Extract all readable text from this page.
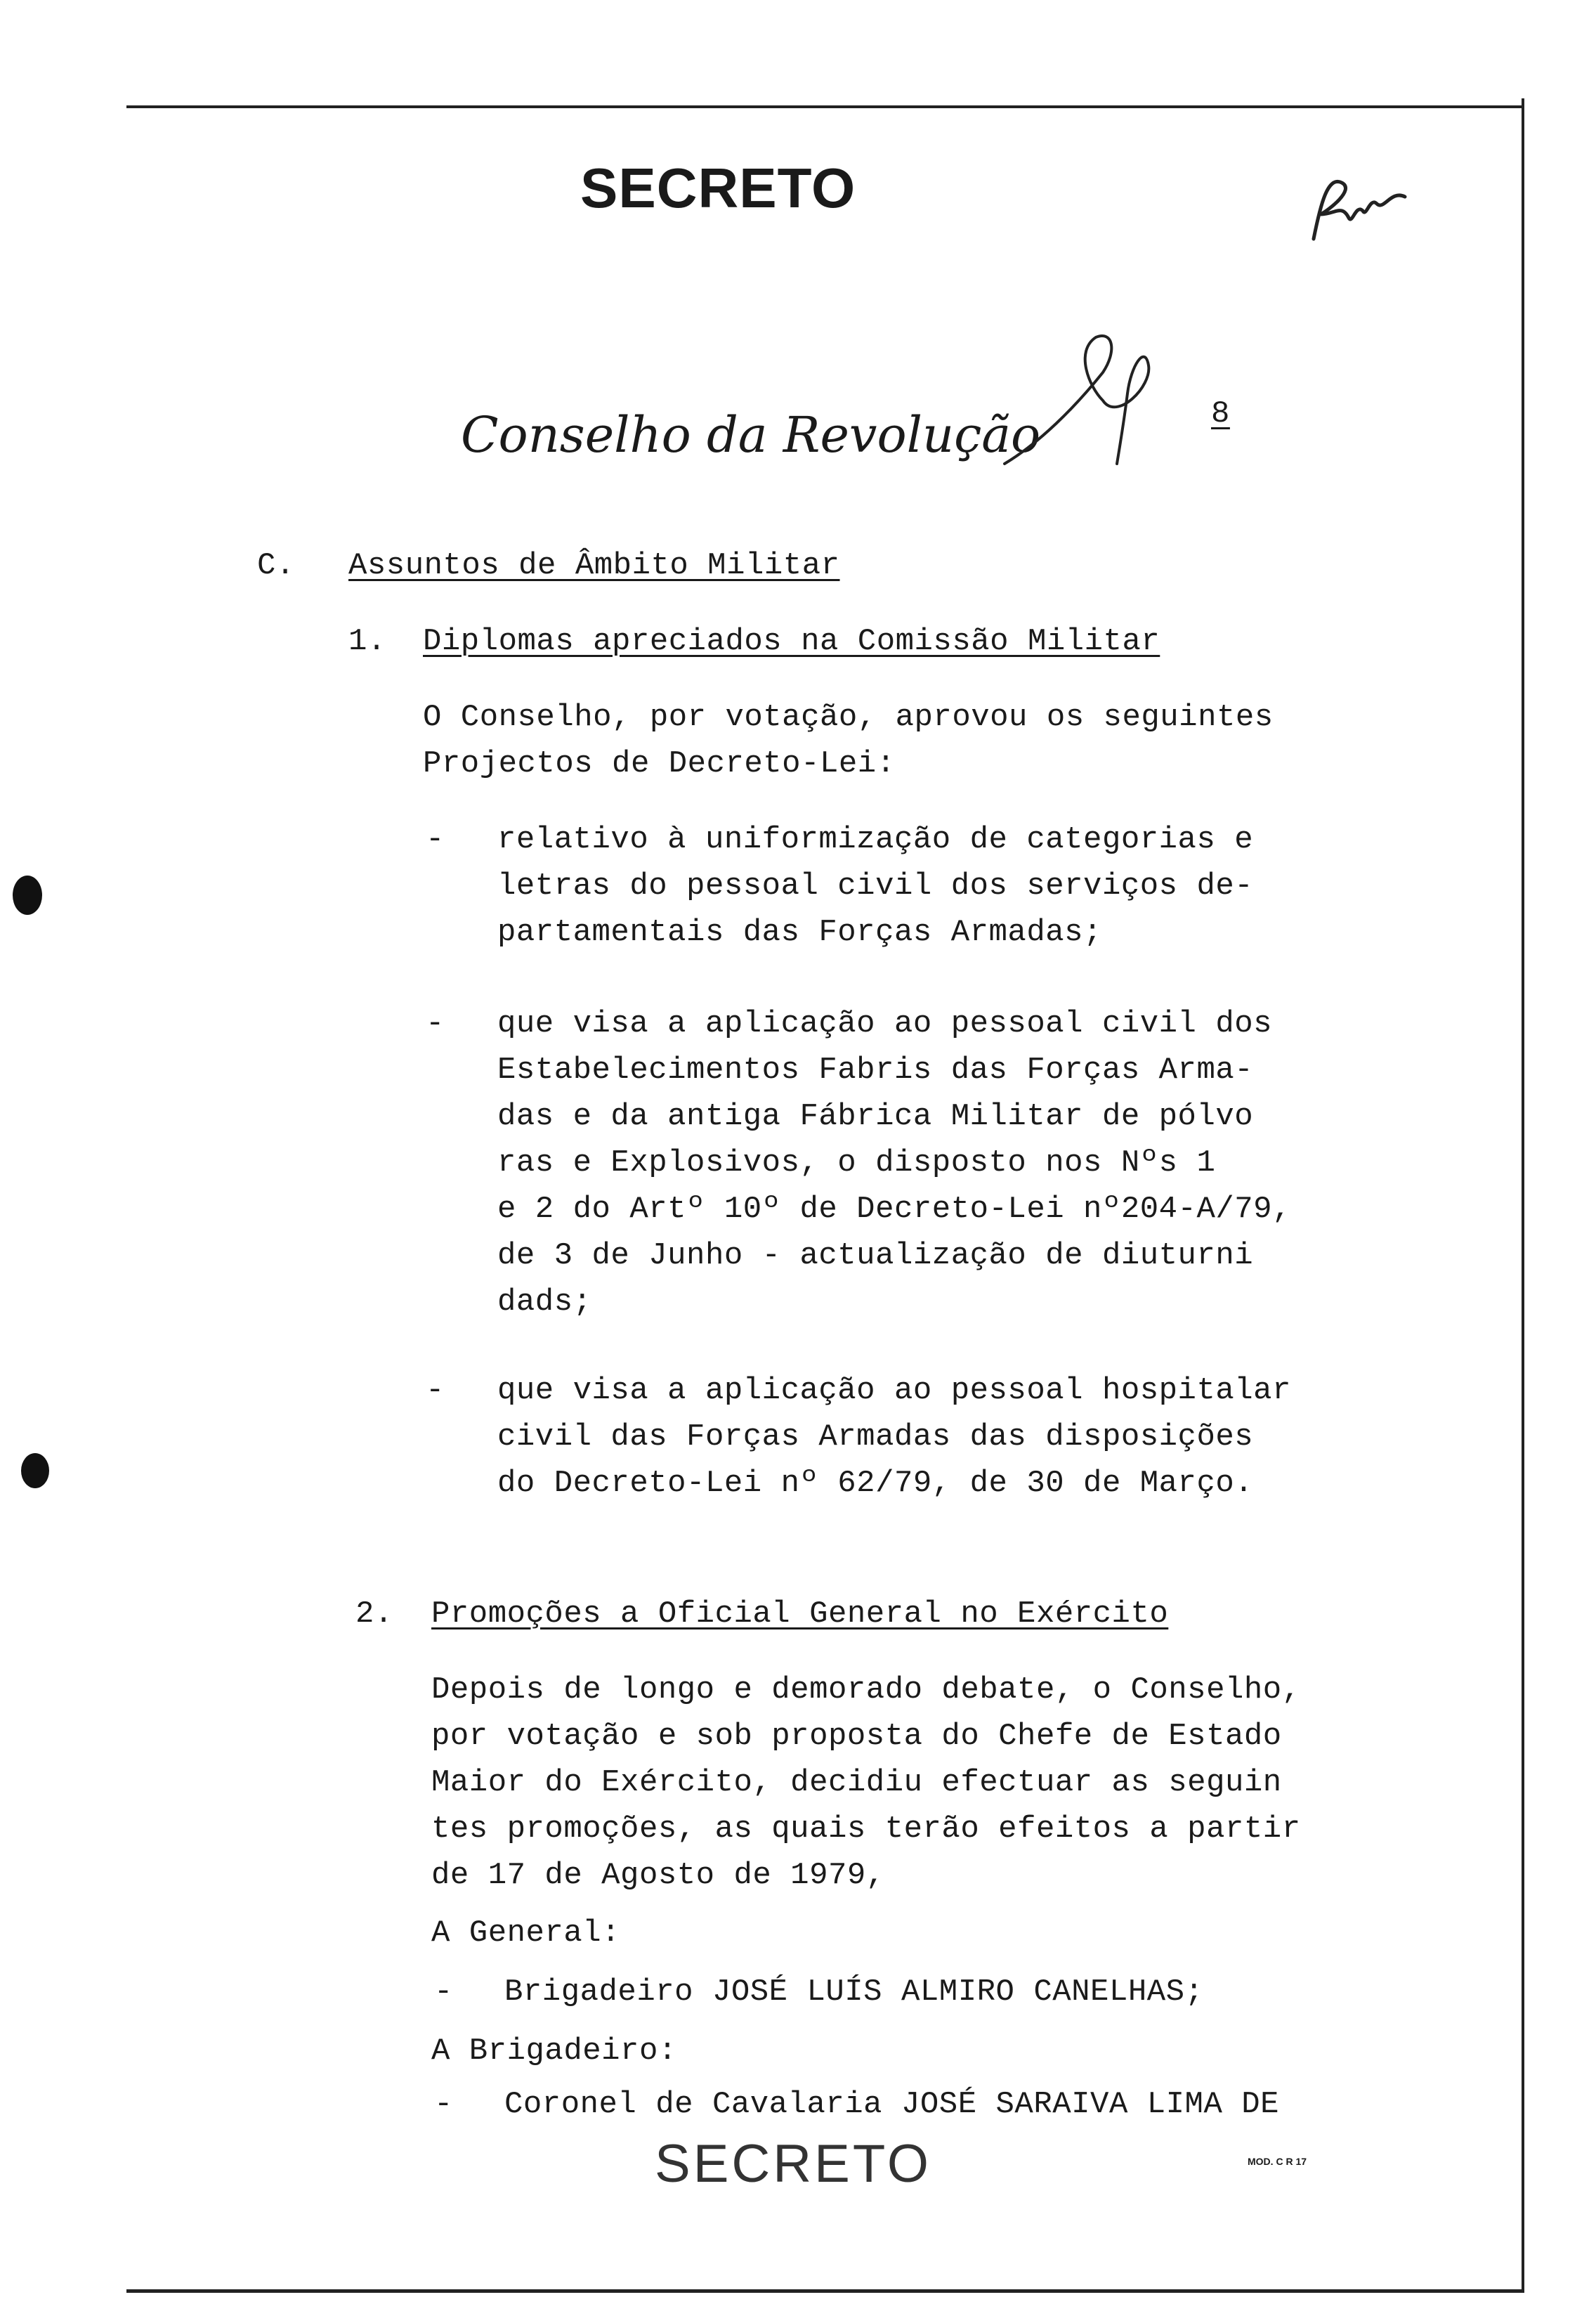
SECRETO
Conselho da Revolução	8
C. Assuntos de Âmbito Militar
1. Diplomas apreciados na Comissão Militar
O Conselho, por votação, aprovou os seguintes
Projectos de Decreto-Lei:
- relativo à uniformização de categorias e
letras do pessoal civil dos serviços de-
partamentais das Forças Armadas;
- que visa a aplicação ao pessoal civil dos
Estabelecimentos Fabris das Forças Arma-
das e da antiga Fábrica Militar de pólvo
ras e Explosivos, o disposto nos Nºs 1
e 2 do Artº 10º de Decreto-Lei nº204-A/79,
de 3 de Junho - actualização de diuturni
dads;
- que visa a aplicação ao pessoal hospitalar
civil das Forças Armadas das disposições
do Decreto-Lei nº 62/79, de 30 de Março.
2. Promoções a Oficial General no Exército
Depois de longo e demorado debate, o Conselho,
por votação e sob proposta do Chefe de Estado
Maior do Exército, decidiu efectuar as seguin
tes promoções, as quais terão efeitos a partir
de 17 de Agosto de 1979,
A General:
- Brigadeiro JOSÉ LUÍS ALMIRO CANELHAS;
A Brigadeiro:
- Coronel de Cavalaria JOSÉ SARAIVA LIMA DE
SECRETO	MOD. C R 17
